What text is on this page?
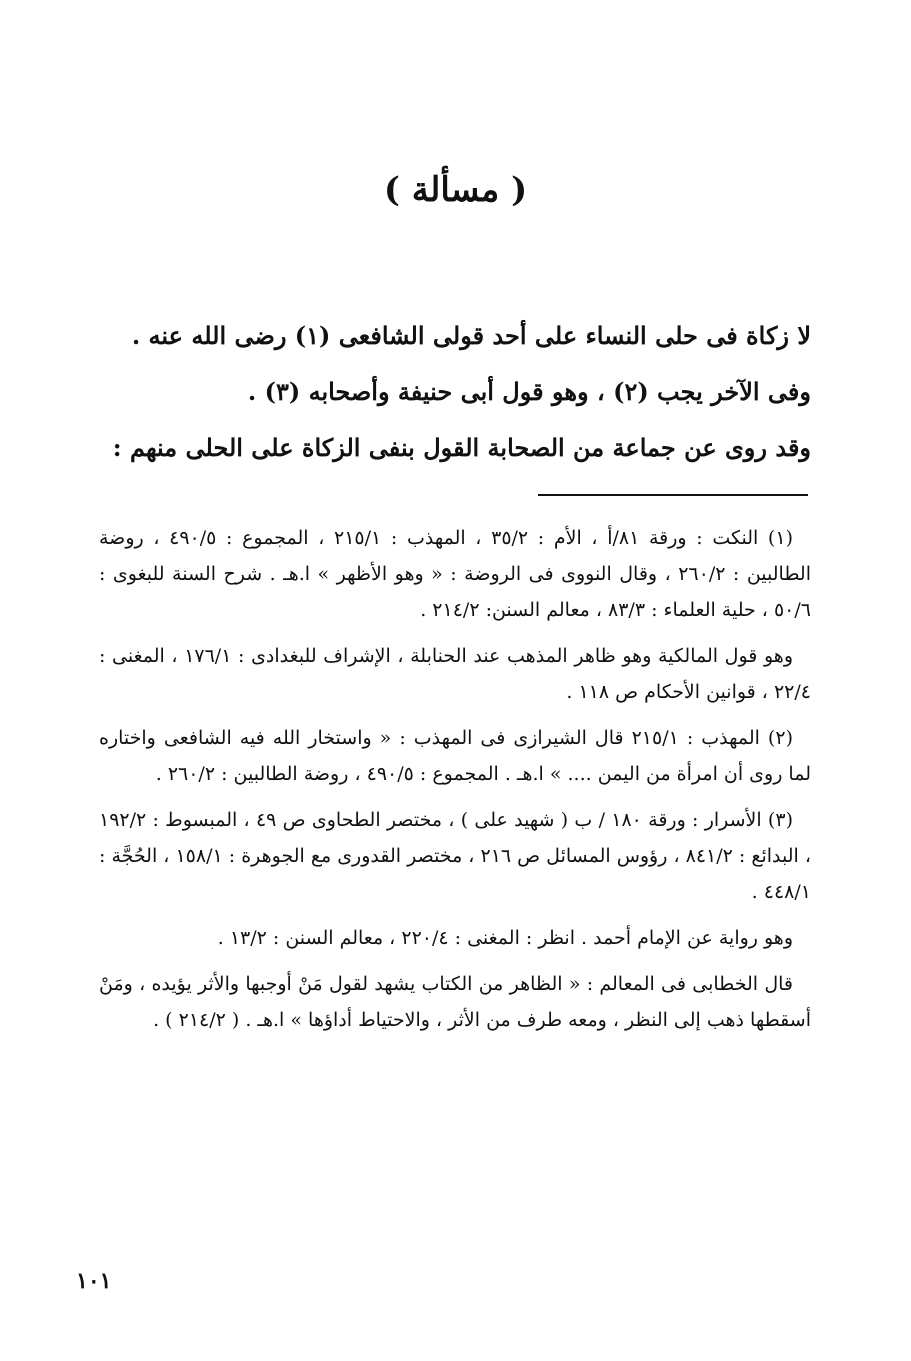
( مسألة )

لا زكاة فى حلى النساء على أحد قولى الشافعى (١) رضى الله عنه .

وفى الآخر يجب (٢) ، وهو قول أبى حنيفة وأصحابه (٣) .

وقد روى عن جماعة من الصحابة القول بنفى الزكاة على الحلى منهم :

(١) النكت : ورقة ٨١/أ ، الأم : ٣٥/٢ ، المهذب : ٢١٥/١ ، المجموع : ٤٩٠/٥ ، روضة الطالبين : ٢٦٠/٢ ، وقال النووى فى الروضة : « وهو الأظهر » ا.هـ . شرح السنة للبغوى : ٥٠/٦ ، حلية العلماء : ٨٣/٣ ، معالم السنن: ٢١٤/٢ .

وهو قول المالكية وهو ظاهر المذهب عند الحنابلة ، الإشراف للبغدادى : ١٧٦/١ ، المغنى : ٢٢/٤ ، قوانين الأحكام ص ١١٨ .

(٢) المهذب : ٢١٥/١ قال الشيرازى فى المهذب : « واستخار الله فيه الشافعى واختاره لما روى أن امرأة من اليمن .... » ا.هـ . المجموع : ٤٩٠/٥ ، روضة الطالبين : ٢٦٠/٢ .

(٣) الأسرار : ورقة ١٨٠ / ب ( شهيد على ) ، مختصر الطحاوى ص ٤٩ ، المبسوط : ١٩٢/٢ ، البدائع : ٨٤١/٢ ، رؤوس المسائل ص ٢١٦ ، مختصر القدورى مع الجوهرة : ١٥٨/١ ، الحُجَّة : ٤٤٨/١ .

وهو رواية عن الإمام أحمد . انظر : المغنى : ٢٢٠/٤ ، معالم السنن : ١٣/٢ .

قال الخطابى فى المعالم : « الظاهر من الكتاب يشهد لقول مَنْ أوجبها والأثر يؤيده ، ومَنْ أسقطها ذهب إلى النظر ، ومعه طرف من الأثر ، والاحتياط أداؤها » ا.هـ . ( ٢١٤/٢ ) .

١٠١
